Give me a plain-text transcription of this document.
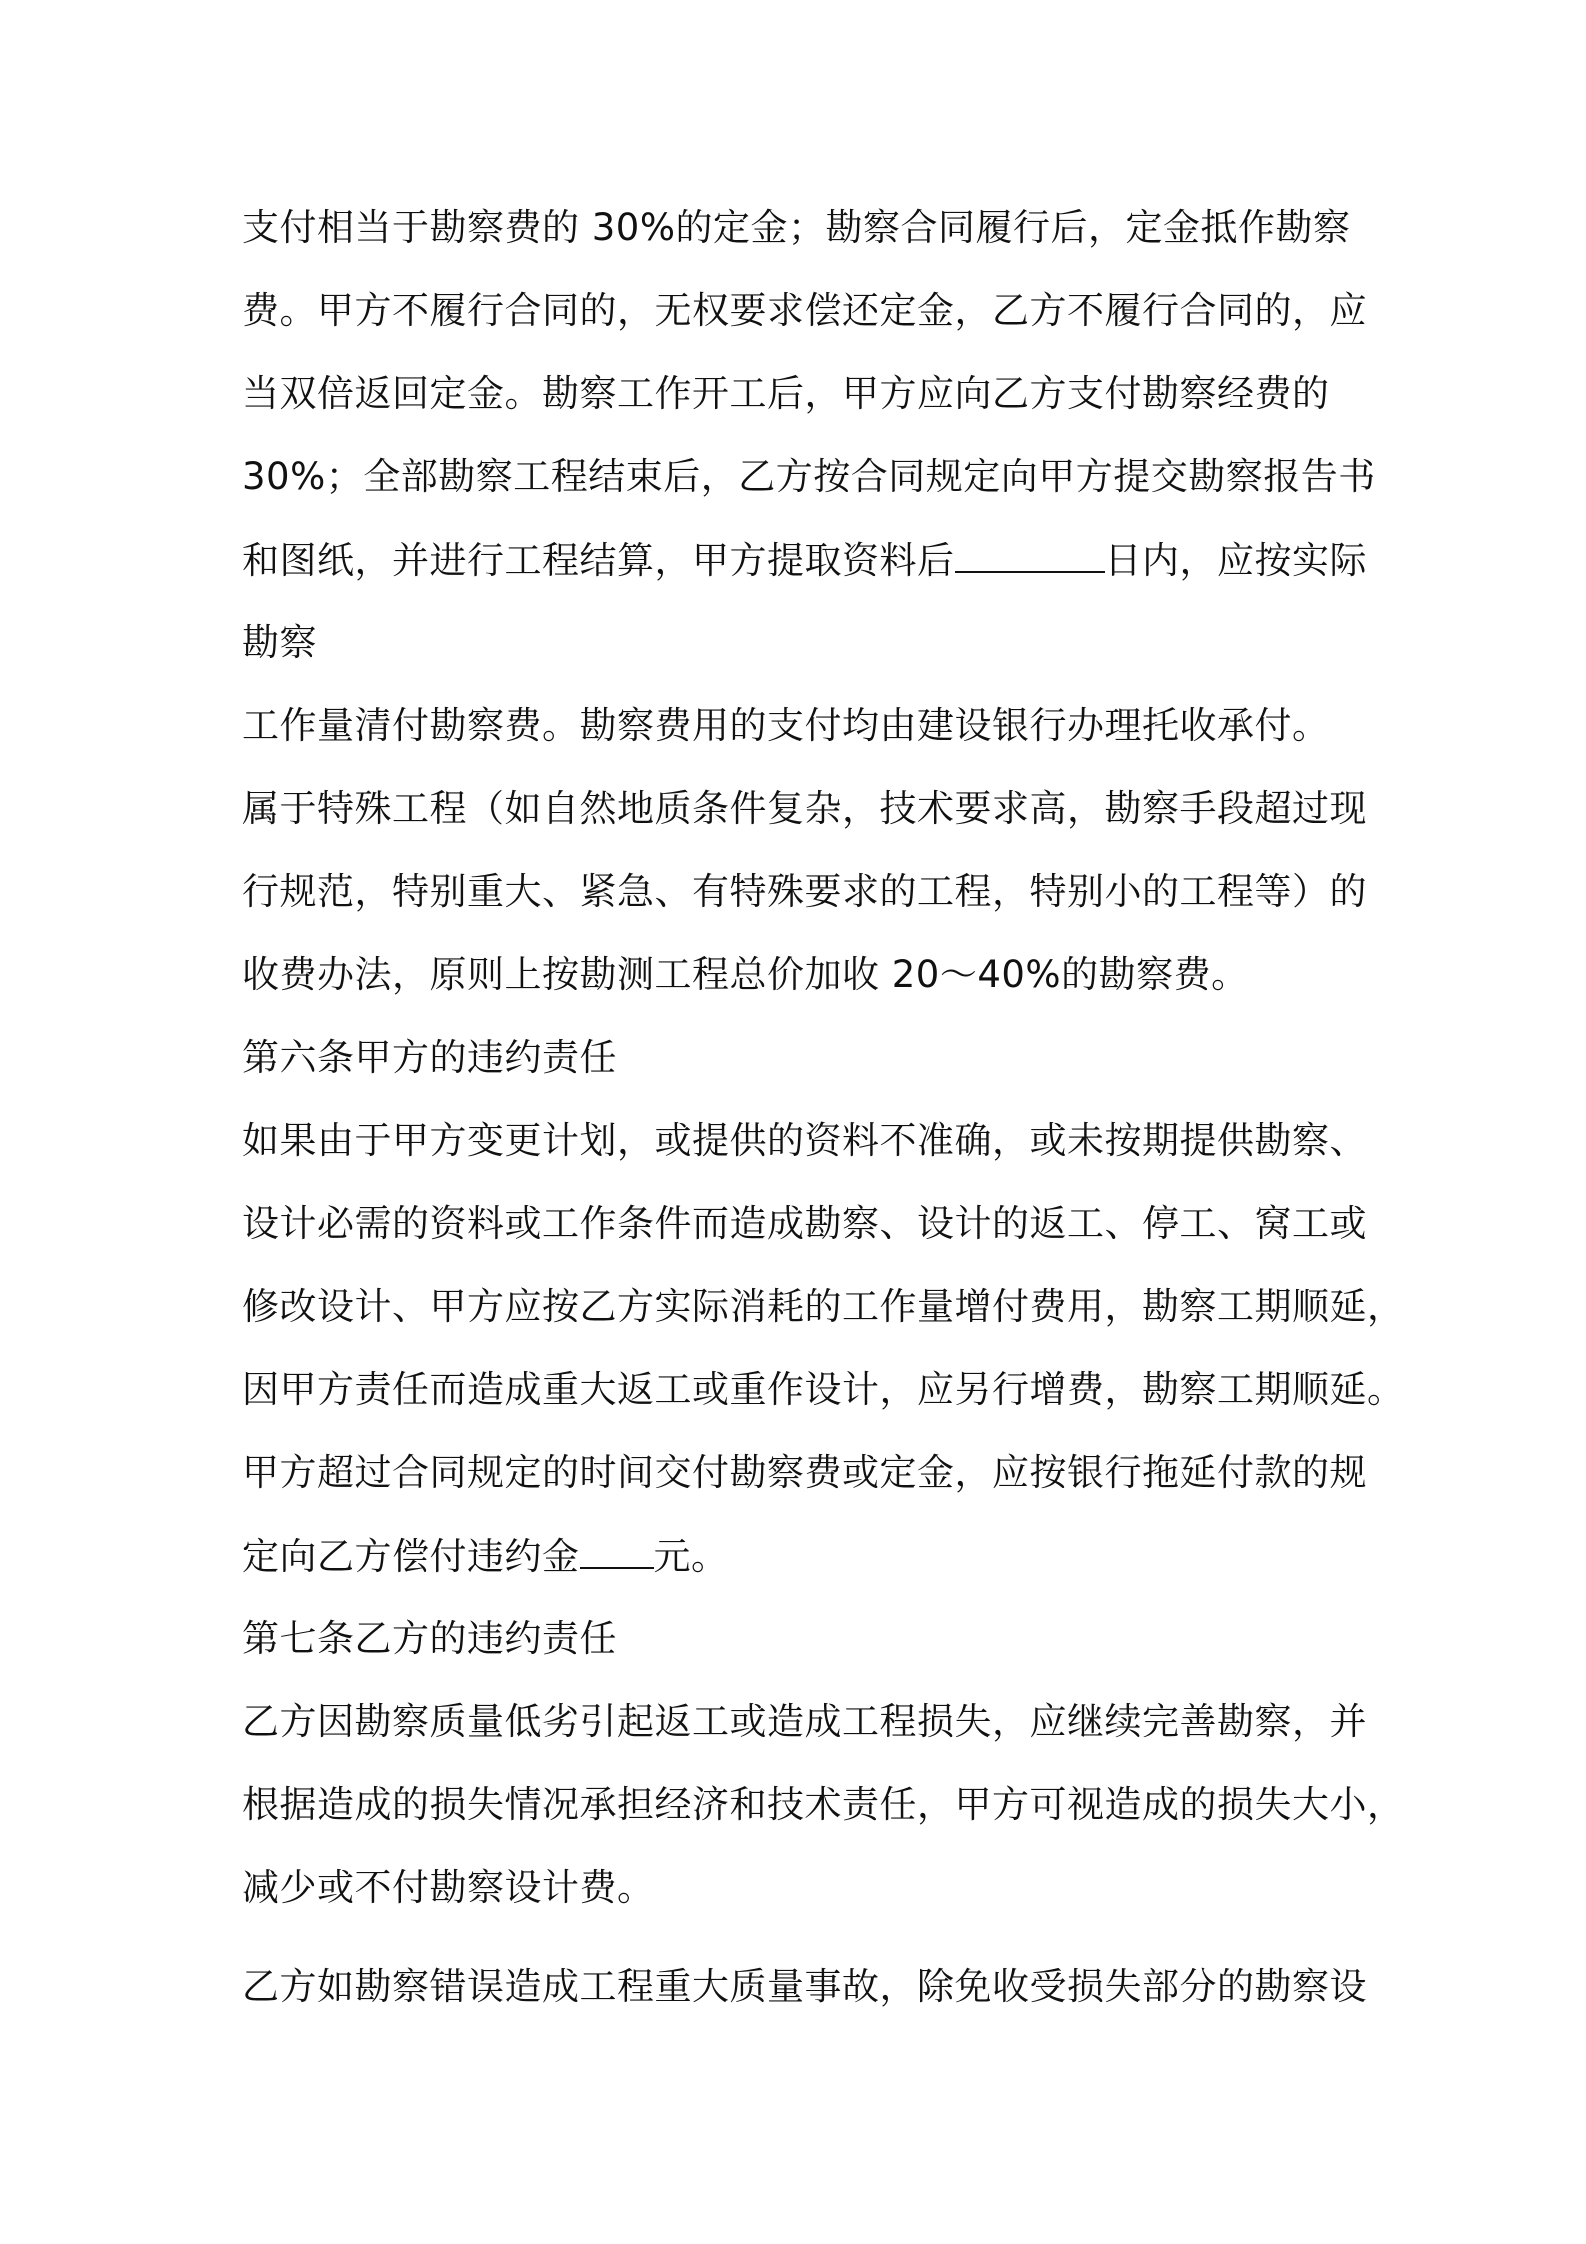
支付相当于勘察费的 30%的定金；勘察合同履行后，定金抵作勘察
费。甲方不履行合同的，无权要求偿还定金，乙方不履行合同的，应
当双倍返回定金。勘察工作开工后，甲方应向乙方支付勘察经费的
30%；全部勘察工程结束后，乙方按合同规定向甲方提交勘察报告书
和图纸，并进行工程结算，甲方提取资料后	日内，应按实际
勘察
工作量清付勘察费。勘察费用的支付均由建设银行办理托收承付。
属于特殊工程（如自然地质条件复杂，技术要求高，勘察手段超过现
行规范，特别重大、紧急、有特殊要求的工程，特别小的工程等）的
收费办法，原则上按勘测工程总价加收 20～40%的勘察费。
第六条甲方的违约责任
如果由于甲方变更计划，或提供的资料不准确，或未按期提供勘察、
设计必需的资料或工作条件而造成勘察、设计的返工、停工、窝工或
修改设计、甲方应按乙方实际消耗的工作量增付费用，勘察工期顺延，
因甲方责任而造成重大返工或重作设计，应另行增费，勘察工期顺延。
甲方超过合同规定的时间交付勘察费或定金，应按银行拖延付款的规
定向乙方偿付违约金 元。
第七条乙方的违约责任
乙方因勘察质量低劣引起返工或造成工程损失，应继续完善勘察，并
根据造成的损失情况承担经济和技术责任，甲方可视造成的损失大小，
减少或不付勘察设计费。
乙方如勘察错误造成工程重大质量事故，除免收受损失部分的勘察设
